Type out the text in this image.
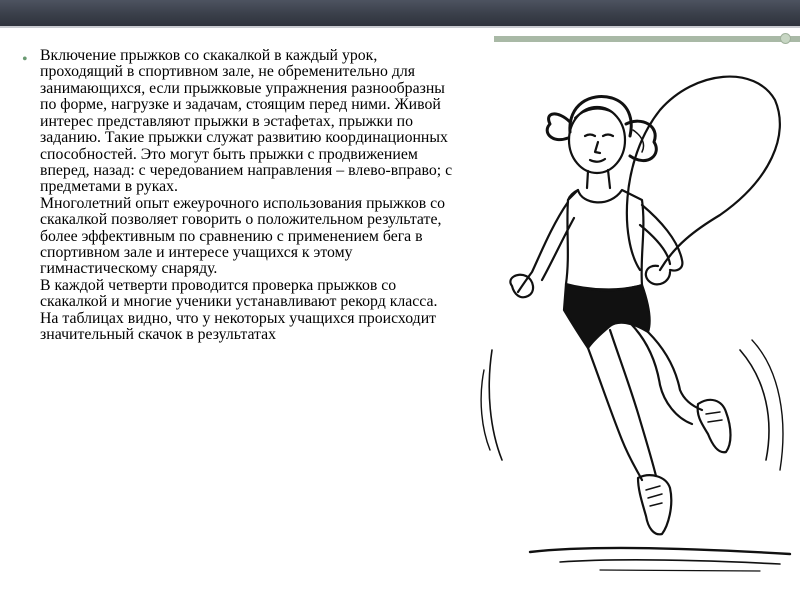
• Включение прыжков со скакалкой в каждый урок, проходящий в спортивном зале, не обременительно для занимающихся, если прыжковые упражнения разнообразны по форме, нагрузке и задачам, стоящим перед ними. Живой интерес представляют прыжки в эстафетах, прыжки по заданию. Такие прыжки служат развитию координационных способностей. Это могут быть прыжки с продвижением вперед, назад: с чередованием направления – влево-вправо; с предметами в руках.
Многолетний опыт ежеурочного использования прыжков со скакалкой позволяет говорить о положительном результате, более эффективным по сравнению с применением бега в спортивном зале и интересе учащихся к этому гимнастическому снаряду.
В каждой четверти проводится проверка прыжков со скакалкой и многие ученики устанавливают рекорд класса.
На таблицах видно, что у некоторых учащихся происходит значительный скачок в результатах
